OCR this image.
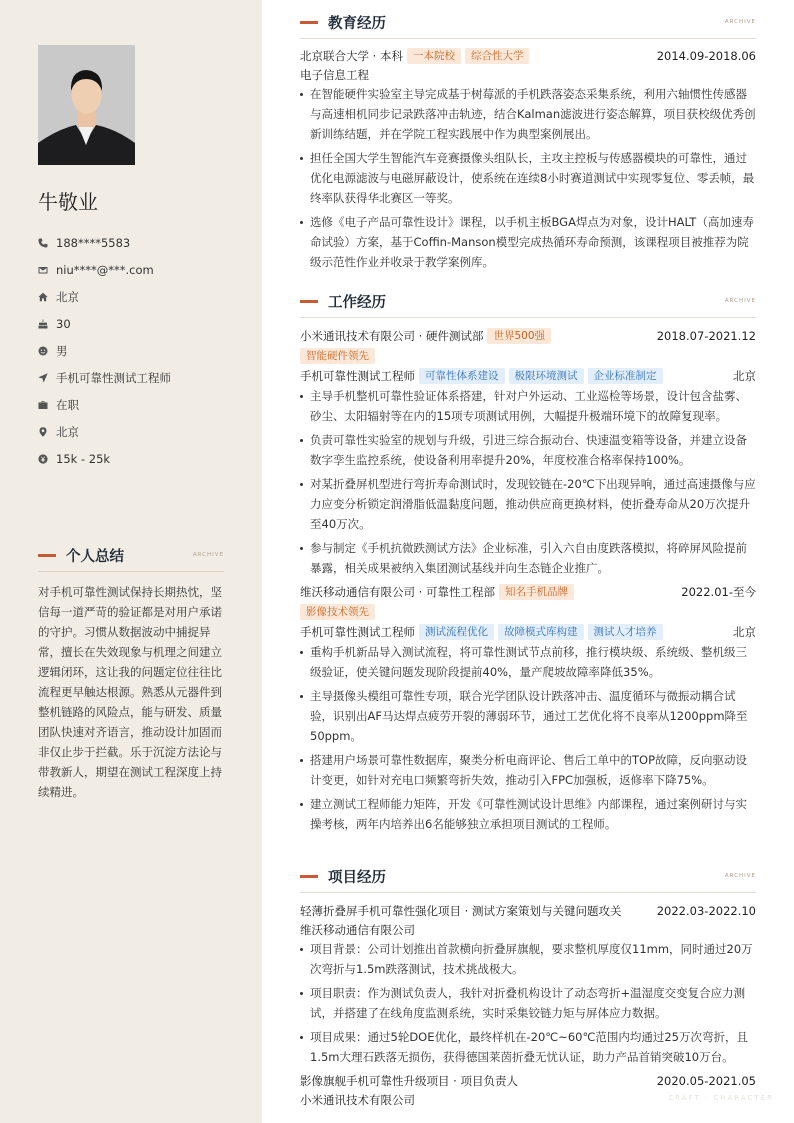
牛敬业
188****5583
niu****@***.com
北京
30
男
手机可靠性测试工程师
在职
北京
15k - 25k
个人总结	ARCHIVE
对手机可靠性测试保持长期热忱，坚信每一道严苛的验证都是对用户承诺的守护。习惯从数据波动中捕捉异常，擅长在失效现象与机理之间建立逻辑闭环，这让我的问题定位往往比流程更早触达根源。熟悉从元器件到整机链路的风险点，能与研发、质量团队快速对齐语言，推动设计加固而非仅止步于拦截。乐于沉淀方法论与带教新人，期望在测试工程深度上持续精进。
教育经历	ARCHIVE
北京联合大学 · 本科 一本院校	综合性大学	2014.09-2018.06
电子信息工程
在智能硬件实验室主导完成基于树莓派的手机跌落姿态采集系统，利用六轴惯性传感器与高速相机同步记录跌落冲击轨迹，结合Kalman滤波进行姿态解算，项目获校级优秀创新训练结题，并在学院工程实践展中作为典型案例展出。
担任全国大学生智能汽车竞赛摄像头组队长，主攻主控板与传感器模块的可靠性，通过优化电源滤波与电磁屏蔽设计，使系统在连续8小时赛道测试中实现零复位、零丢帧，最终率队获得华北赛区一等奖。
选修《电子产品可靠性设计》课程，以手机主板BGA焊点为对象，设计HALT（高加速寿命试验）方案，基于Coffin-Manson模型完成热循环寿命预测，该课程项目被推荐为院级示范性作业并收录于教学案例库。
工作经历	ARCHIVE
小米通讯技术有限公司 · 硬件测试部 世界500强	2018.07-2021.12
智能硬件领先
手机可靠性测试工程师 可靠性体系建设	极限环境测试	企业标准制定	北京
主导手机整机可靠性验证体系搭建，针对户外运动、工业巡检等场景，设计包含盐雾、砂尘、太阳辐射等在内的15项专项测试用例，大幅提升极端环境下的故障复现率。
负责可靠性实验室的规划与升级，引进三综合振动台、快速温变箱等设备，并建立设备数字孪生监控系统，使设备利用率提升20%，年度校准合格率保持100%。
对某折叠屏机型进行弯折寿命测试时，发现铰链在-20℃下出现异响，通过高速摄像与应力应变分析锁定润滑脂低温黏度问题，推动供应商更换材料，使折叠寿命从20万次提升至40万次。
参与制定《手机抗微跌测试方法》企业标准，引入六自由度跌落模拟，将碎屏风险提前暴露，相关成果被纳入集团测试基线并向生态链企业推广。
维沃移动通信有限公司 · 可靠性工程部 知名手机品牌	2022.01-至今
影像技术领先
手机可靠性测试工程师 测试流程优化	故障模式库构建	测试人才培养	北京
重构手机新品导入测试流程，将可靠性测试节点前移，推行模块级、系统级、整机级三级验证，使关键问题发现阶段提前40%，量产爬坡故障率降低35%。
主导摄像头模组可靠性专项，联合光学团队设计跌落冲击、温度循环与微振动耦合试验，识别出AF马达焊点疲劳开裂的薄弱环节，通过工艺优化将不良率从1200ppm降至50ppm。
搭建用户场景可靠性数据库，聚类分析电商评论、售后工单中的TOP故障，反向驱动设计变更，如针对充电口频繁弯折失效，推动引入FPC加强板，返修率下降75%。
建立测试工程师能力矩阵，开发《可靠性测试设计思维》内部课程，通过案例研讨与实操考核，两年内培养出6名能够独立承担项目测试的工程师。
项目经历	ARCHIVE
轻薄折叠屏手机可靠性强化项目 · 测试方案策划与关键问题攻关	2022.03-2022.10
维沃移动通信有限公司
项目背景：公司计划推出首款横向折叠屏旗舰，要求整机厚度仅11mm，同时通过20万次弯折与1.5m跌落测试，技术挑战极大。
项目职责：作为测试负责人，我针对折叠机构设计了动态弯折+温湿度交变复合应力测试，并搭建了在线角度监测系统，实时采集铰链力矩与屏体应力数据。
项目成果：通过5轮DOE优化，最终样机在-20℃~60℃范围内均通过25万次弯折，且1.5m大理石跌落无损伤，获得德国莱茵折叠无忧认证，助力产品首销突破10万台。
影像旗舰手机可靠性升级项目 · 项目负责人	2020.05-2021.05
小米通讯技术有限公司	CRAFT · CHARACTER
